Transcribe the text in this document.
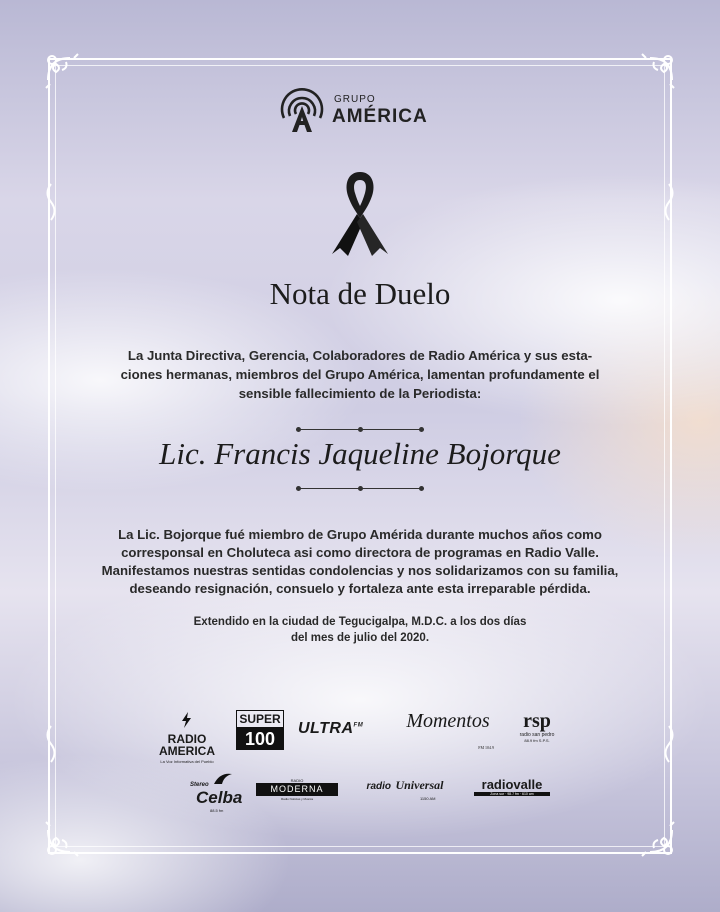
GRUPO
AMÉRICA
Nota de Duelo

La Junta Directiva, Gerencia, Colaboradores de Radio América y sus esta- ciones hermanas, miembros del Grupo América, lamentan profundamente el sensible fallecimiento de la Periodista:

Lic. Francis Jaqueline Bojorque

La Lic. Bojorque fué miembro de Grupo Amérida durante muchos años como corresponsal en Choluteca asi como directora de programas en Radio Valle. Manifestamos nuestras sentidas condolencias y nos solidarizamos con su familia, deseando resignación, consuelo y fortaleza ante esta irreparable pérdida.

Extendido en la ciudad de Tegucigalpa, M.D.C. a los dos días
del mes de julio del 2020.

RADIO AMERICA
La Voz Informativa del Pueblo
SUPER
100
$ULTRA^{FM}$	Momentos
FM 104.9
rsp
radio san pedro
88.9 fm S.P.S.
Stereo
Celba
88.5 fm
RADIO
MODERNA
Radio Noticias y Musica
radio Universal
1150 AM
radiovalle
Zona sur · 98.7 fm · 610 am
